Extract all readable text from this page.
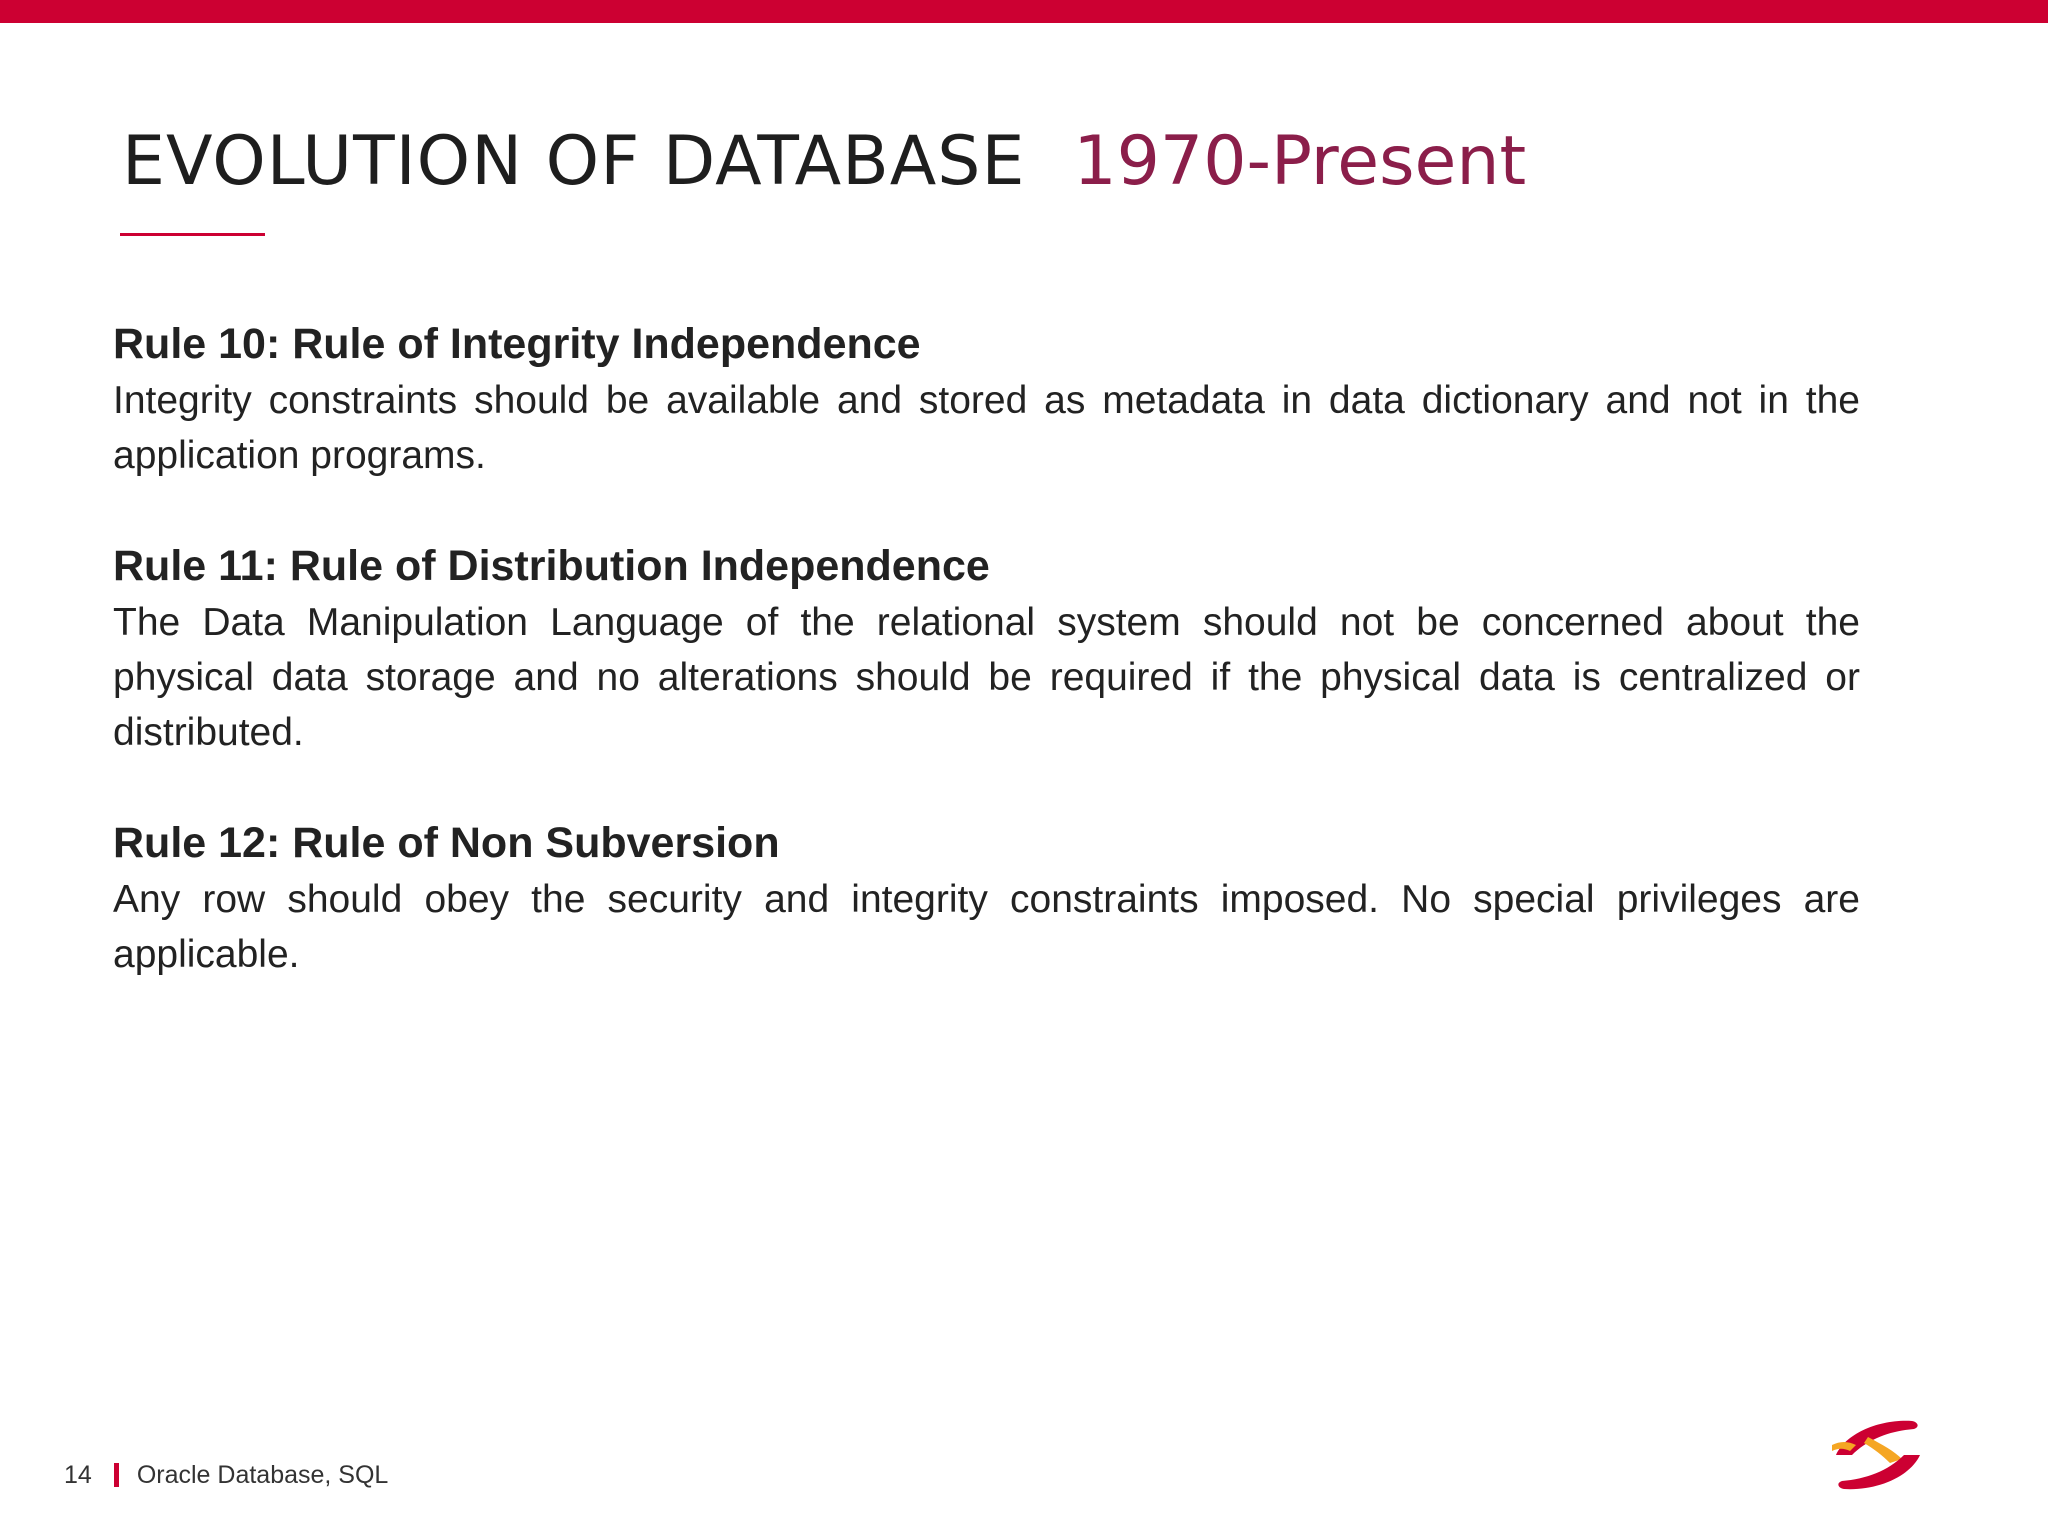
EVOLUTION OF DATABASE 1970-Present

Rule 10: Rule of Integrity Independence

Integrity constraints should be available and stored as metadata in data dictionary and not in the application programs.

Rule 11: Rule of Distribution Independence

The Data Manipulation Language of the relational system should not be concerned about the physical data storage and no alterations should be required if the physical data is centralized or distributed.

Rule 12: Rule of Non Subversion

Any row should obey the security and integrity constraints imposed. No special privileges are applicable.

14 Oracle Database, SQL
